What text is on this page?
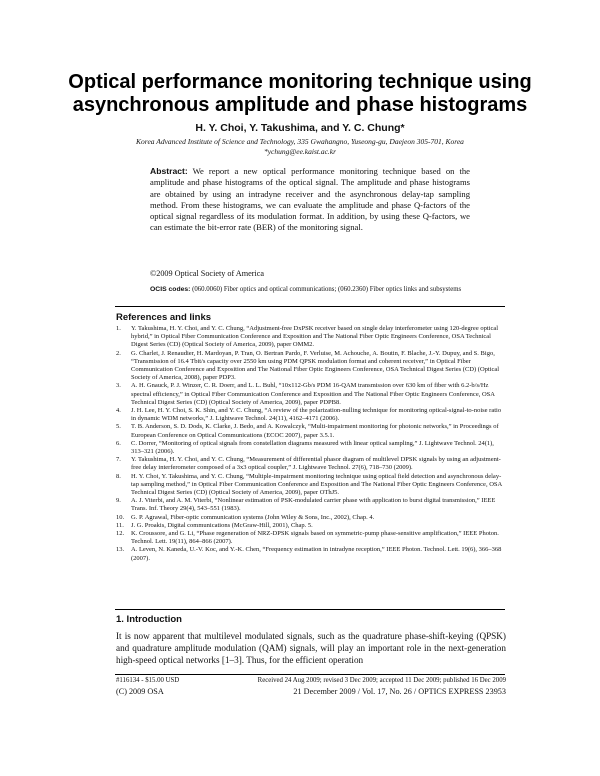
Optical performance monitoring technique using
asynchronous amplitude and phase histograms
H. Y. Choi, Y. Takushima, and Y. C. Chung*
Korea Advanced Institute of Science and Technology, 335 Gwahangno, Yuseong-gu, Daejeon 305-701, Korea
*ychung@ee.kaist.ac.kr
Abstract: We report a new optical performance monitoring technique based on the amplitude and phase histograms of the optical signal. The amplitude and phase histograms are obtained by using an intradyne receiver and the asynchronous delay-tap sampling method. From these histograms, we can evaluate the amplitude and phase Q-factors of the optical signal regardless of its modulation format. In addition, by using these Q-factors, we can estimate the bit-error rate (BER) of the monitoring signal.
©2009 Optical Society of America
OCIS codes: (060.0060) Fiber optics and optical communications; (060.2360) Fiber optics links and subsystems
References and links
1. Y. Takushima, H. Y. Choi, and Y. C. Chung, “Adjustment-free DxPSK receiver based on single delay interferometer using 120-degree optical hybrid,” in Optical Fiber Communication Conference and Exposition and The National Fiber Optic Engineers Conference, OSA Technical Digest Series (CD) (Optical Society of America, 2009), paper OMM2.
2. G. Charlet, J. Renaudier, H. Mardoyan, P. Tran, O. Bertran Pardo, F. Verluise, M. Achouche, A. Boutin, F. Blache, J.-Y. Dupuy, and S. Bigo, “Transmission of 16.4 Tbit/s capacity over 2550 km using PDM QPSK modulation format and coherent receiver,” in Optical Fiber Communication Conference and Exposition and The National Fiber Optic Engineers Conference, OSA Technical Digest Series (CD) (Optical Society of America, 2008), paper PDP3.
3. A. H. Gnauck, P. J. Winzer, C. R. Doerr, and L. L. Buhl, “10x112-Gb/s PDM 16-QAM transmission over 630 km of fiber with 6.2-b/s/Hz spectral efficiency,” in Optical Fiber Communication Conference and Exposition and The National Fiber Optic Engineers Conference, OSA Technical Digest Series (CD) (Optical Society of America, 2009), paper PDPB8.
4. J. H. Lee, H. Y. Choi, S. K. Shin, and Y. C. Chung, “A review of the polarization-nulling technique for monitoring optical-signal-to-noise ratio in dynamic WDM networks,” J. Lightwave Technol. 24(11), 4162–4171 (2006).
5. T. B. Anderson, S. D. Dods, K. Clarke, J. Bedo, and A. Kowalczyk, “Multi-impairment monitoring for photonic networks,” in Proceedings of European Conference on Optical Communications (ECOC 2007), paper 3.5.1.
6. C. Dorrer, “Monitoring of optical signals from constellation diagrams measured with linear optical sampling,” J. Lightwave Technol. 24(1), 313–321 (2006).
7. Y. Takushima, H. Y. Choi, and Y. C. Chung, “Measurement of differential phasor diagram of multilevel DPSK signals by using an adjustment-free delay interferometer composed of a 3x3 optical coupler,” J. Lightwave Technol. 27(6), 718–730 (2009).
8. H. Y. Choi, Y. Takushima, and Y. C. Chung, “Multiple-impairment monitoring technique using optical field detection and asynchronous delay-tap sampling method,” in Optical Fiber Communication Conference and Exposition and The National Fiber Optic Engineers Conference, OSA Technical Digest Series (CD) (Optical Society of America, 2009), paper OThJ5.
9. A. J. Viterbi, and A. M. Viterbi, “Nonlinear estimation of PSK-modulated carrier phase with application to burst digital transmission,” IEEE Trans. Inf. Theory 29(4), 543–551 (1983).
10. G. P. Agrawal, Fiber-optic communication systems (John Wiley & Sons, Inc., 2002), Chap. 4.
11. J. G. Proakis, Digital communications (McGraw-Hill, 2001), Chap. 5.
12. K. Croussore, and G. Li, “Phase regeneration of NRZ-DPSK signals based on symmetric-pump phase-sensitive amplification,” IEEE Photon. Technol. Lett. 19(11), 864–866 (2007).
13. A. Leven, N. Kaneda, U.-V. Koc, and Y.-K. Chen, “Frequency estimation in intradyne reception,” IEEE Photon. Technol. Lett. 19(6), 366–368 (2007).
1. Introduction

It is now apparent that multilevel modulated signals, such as the quadrature phase-shift-keying (QPSK) and quadrature amplitude modulation (QAM) signals, will play an important role in the next-generation high-speed optical networks [1–3]. Thus, for the efficient operation

#116134 - $15.00 USD	Received 24 Aug 2009; revised 3 Dec 2009; accepted 11 Dec 2009; published 16 Dec 2009
(C) 2009 OSA	21 December 2009 / Vol. 17, No. 26 / OPTICS EXPRESS 23953
